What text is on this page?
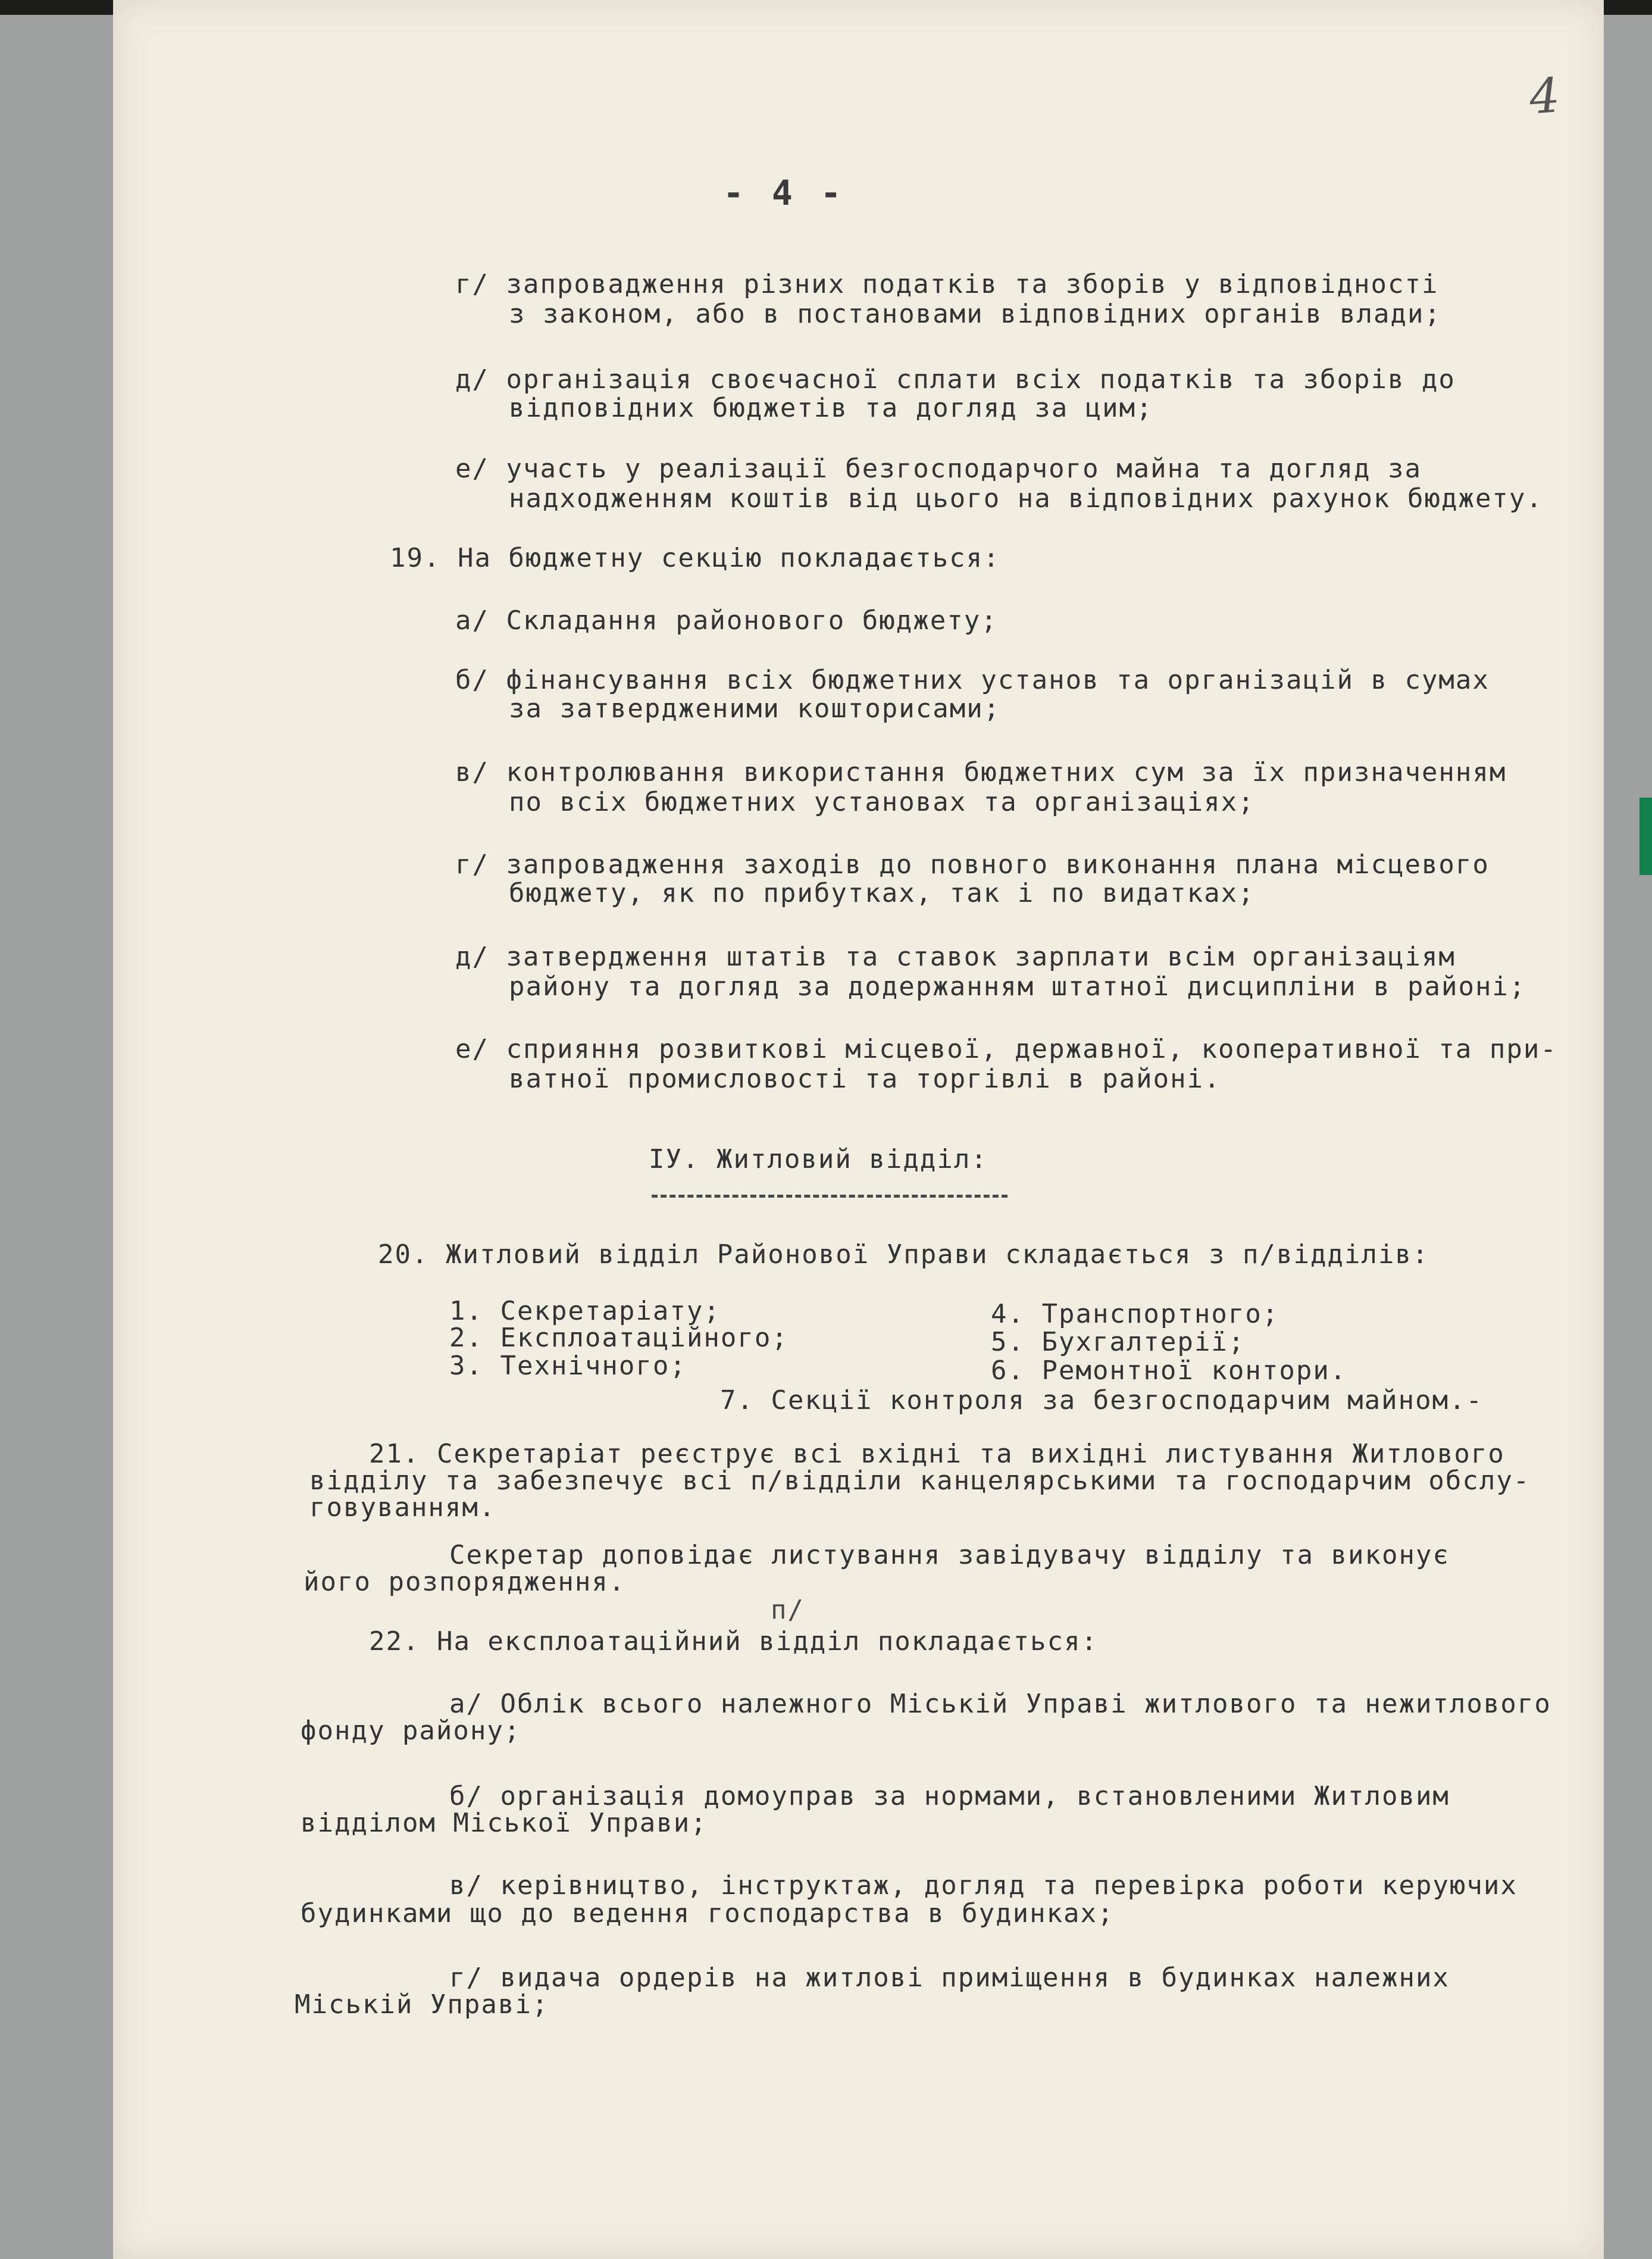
4
- 4 -
г/ запровадження різних податків та зборів у відповідності
з законом, або в постановами відповідних органів влади;
д/ організація своєчасної сплати всіх податків та зборів до
відповідних бюджетів та догляд за цим;
е/ участь у реалізації безгосподарчого майна та догляд за
надходженням коштів від цього на відповідних рахунок бюджету.
19. На бюджетну секцію покладається:
а/ Складання районового бюджету;
б/ фінансування всіх бюджетних установ та організацій в сумах
за затвердженими кошторисами;
в/ контролювання використання бюджетних сум за їх призначенням
по всіх бюджетних установах та організаціях;
г/ запровадження заходів до повного виконання плана місцевого
бюджету, як по прибутках, так і по видатках;
д/ затвердження штатів та ставок зарплати всім організаціям
району та догляд за додержанням штатної дисципліни в районі;
е/ сприяння розвиткові місцевої, державної, кооперативної та при-
ватної промисловості та торгівлі в районі.
IУ. Житловий відділ:
20. Житловий відділ Районової Управи складається з п/відділів:
1. Секретаріату;	4. Транспортного;
2. Експлоатаційного;	5. Бухгалтерії;
3. Технічного;	6. Ремонтної контори.
7. Секції контроля за безгосподарчим майном.-
21. Секретаріат реєструє всі вхідні та вихідні листування Житлового
відділу та забезпечує всі п/відділи канцелярськими та господарчим обслу-
говуванням.
Секретар доповідає листування завідувачу відділу та виконує
його розпорядження.
п/
22. На експлоатаційний відділ покладається:
а/ Облік всього належного Міській Управі житлового та нежитлового
фонду району;
б/ організація домоуправ за нормами, встановленими Житловим
відділом Міської Управи;
в/ керівництво, інструктаж, догляд та перевірка роботи керуючих
будинками що до ведення господарства в будинках;
г/ видача ордерів на житлові приміщення в будинках належних
Міській Управі;
